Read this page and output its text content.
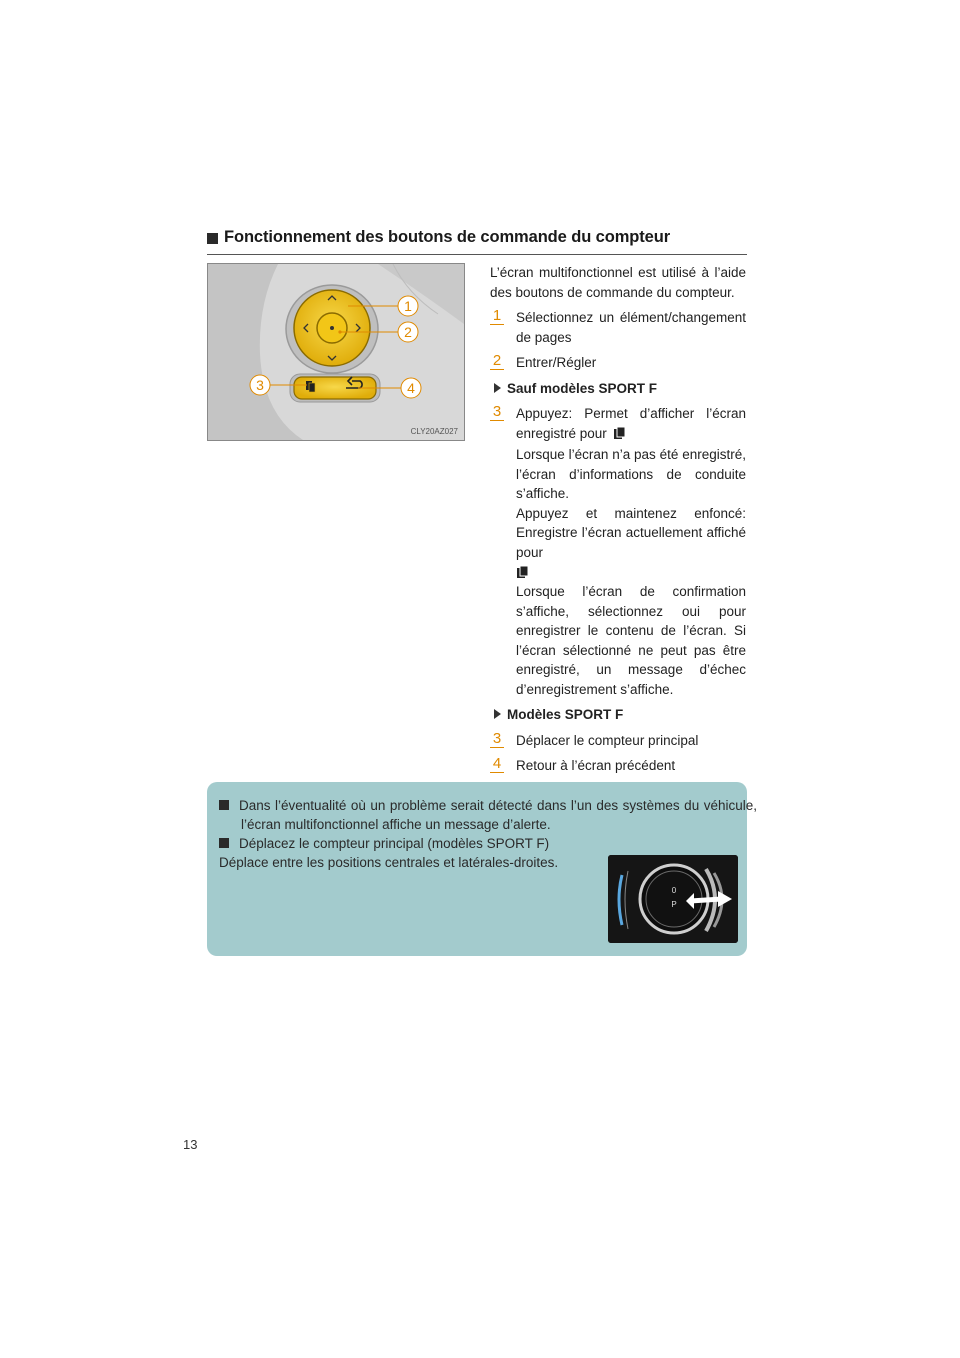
Fonctionnement des boutons de commande du compteur
1
2
3	4
CLY20AZ027

L’écran multifonctionnel est utilisé à l’aide des boutons de commande du compteur.

1 Sélectionnez un élément/changement de pages
2 Entrer/Régler
Sauf modèles SPORT F
3 Appuyez: Permet d’afficher l’écran enregistré pour
Lorsque l’écran n’a pas été enregistré, l’écran d’informations de conduite s’affiche.
Appuyez et maintenez enfoncé: Enregistre l’écran actuellement affiché pour
Lorsque l’écran de confirmation s’affiche, sélectionnez oui pour enregistrer le contenu de l’écran. Si l’écran sélectionné ne peut pas être enregistré, un message d’échec d’enregistrement s’affiche.
Modèles SPORT F
3 Déplacer le compteur principal
4 Retour à l’écran précédent
Dans l’éventualité où un problème serait détecté dans l’un des systèmes du véhicule, l’écran multifonctionnel affiche un message d’alerte.
Déplacez le compteur principal (modèles SPORT F)
Déplace entre les positions centrales et latérales-droites.
0
P
13
